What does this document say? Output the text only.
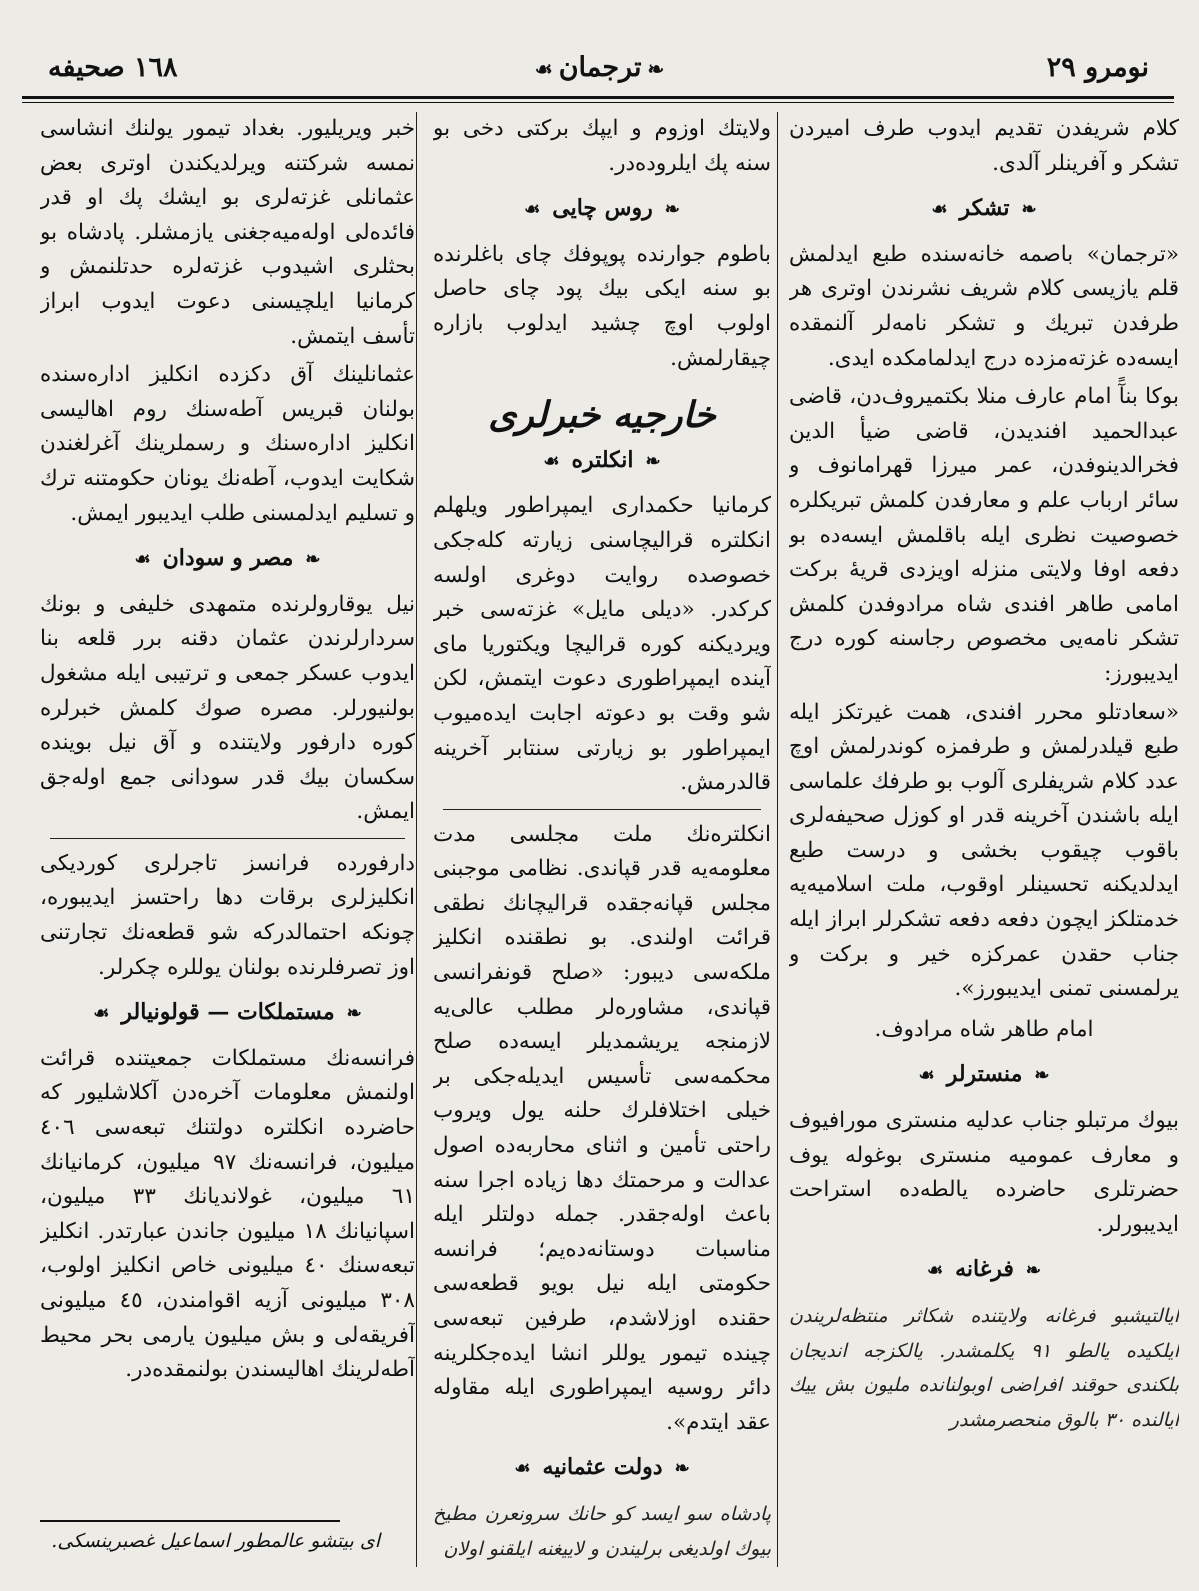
نومرو ٢٩
❧ترجمان☙
١٦٨ صحيفه

کلام شریفدن تقدیم ایدوب طرف امیردن تشکر و آفرینلر آلدی.

❧تشکر☙

«ترجمان» باصمه خانه‌سنده طبع ایدلمش قلم یازیسی کلام شریف نشرندن اوتری هر طرفدن تبریك و تشکر نامه‌لر آلنمقده ایسه‌ده غزته‌مزده درج ایدلمامکده ایدی.

بوکا بنآً امام عارف منلا بکتمیروف‌دن، قاضی عبدالحمید افندیدن، قاضی ضیأ الدین فخرالدینوفدن، عمر میرزا قهرامانوف و سائر ارباب علم و معارفدن کلمش تبریکلره خصوصیت نظری ایله باقلمش ایسه‌ده بو دفعه اوفا ولایتی منزله اویزدی قریهٔ برکت امامی طاهر افندی شاه مرادوفدن کلمش تشکر نامه‌یی مخصوص رجاسنه کوره درج ایدیبورز:

«سعادتلو محرر افندی، همت غیرتکز ایله طبع قیلدرلمش و طرفمزه کوندرلمش اوچ عدد کلام شریفلری آلوب بو طرفك علماسی ایله باشندن آخرینه قدر او کوزل صحیفه‌لری باقوب چیقوب بخشی و درست طبع ایدلدیکنه تحسینلر اوقوب، ملت اسلامیه‌یه خدمتلکز ایچون دفعه دفعه تشکرلر ابراز ایله جناب حقدن عمرکزه خیر و برکت و یرلمسنی تمنی ایدیبورز».

امام طاهر شاه مرادوف.
❧منسترلر☙

بیوك مرتبلو جناب عدلیه منستری مورافیوف و معارف عمومیه منستری بوغوله یوف حضرتلری حاضرده یالطه‌ده استراحت ایدیبورلر.

❧فرغانه☙

ایالتیشبو فرغانه ولایتنده شکاثر منتظه‌لریندن ایلکیده یالطو ۹۱ یکلمشدر. یالکزجه اندیجان بلکندی حوقند افراضی اوبولنانده ملیون بش ییك ایالنده ۳۰ بالوق منحصرمشدر

ولایتك اوزوم و ایپك برکتی دخی بو سنه پك ایلروده‌در.

❧روس چایی☙

باطوم جوارنده پوپوفك چای باغلرنده بو سنه ایکی بیك پود چای حاصل اولوب اوچ چشید ایدلوب بازاره چیقارلمش.

خارجیه خبرلری
❧انکلتره☙

کرمانیا حکمداری ایمپراطور ویلهلم انکلتره قرالیچاسنی زیارته کله‌جکی خصوصده روایت دوغری اولسه کرکدر. «دیلی مایل» غزته‌سی خبر ویردیکنه کوره قرالیچا ویکتوریا مای آینده ایمپراطوری دعوت ایتمش، لکن شو وقت بو دعوته اجابت ایده‌میوب ایمپراطور بو زیارتی سنتابر آخرینه قالدرمش.

انکلتره‌نك ملت مجلسی مدت معلومه‌یه قدر قپاندی. نظامی موجبنی مجلس قپانه‌جقده قرالیچانك نطقی قرائت اولندی. بو نطقنده انکلیز ملکه‌سی دیبور: «صلح قونفرانسی قپاندی، مشاوره‌لر مطلب عالی‌یه لازمنجه یریشمدیلر ایسه‌ده صلح محکمه‌سی تأسیس ایدیله‌جکی بر خیلی اختلافلرك حلنه یول ویروب راحتی تأمین و اثنای محاربه‌ده اصول عدالت و مرحمتك دها زیاده اجرا سنه باعث اوله‌جقدر. جمله دولتلر ایله مناسبات دوستانه‌ده‌یم؛ فرانسه حکومتی ایله نیل بویو قطعه‌سی حقنده اوزلاشدم، طرفین تبعه‌سی چینده تیمور یوللر انشا ایده‌جکلرینه دائر روسیه ایمپراطوری ایله مقاوله عقد ایتدم».

❧دولت عثمانیه☙

پادشاه سو ایسد کو حانك سرونعرن مطیخ بیوك اولدیغی برلیندن و لاییغنه ایلقنو اولان

خبر ویریلیور. بغداد تیمور یولنك انشاسی نمسه شرکتنه ویرلدیکندن اوتری بعض عثمانلی غزته‌لری بو ایشك پك او قدر فائده‌لی اوله‌میه‌جغنی یازمشلر. پادشاه بو بحثلری اشیدوب غزته‌لره حدتلنمش و کرمانیا ایلچیسنی دعوت ایدوب ابراز تأسف ایتمش.

عثمانلینك آق دکزده انکلیز اداره‌سنده بولنان قبریس آطه‌سنك روم اهالیسی انکلیز اداره‌سنك و رسملرینك آغرلغندن شکایت ایدوب، آطه‌نك یونان حکومتنه ترك و تسلیم ایدلمسنی طلب ایدیبور ایمش.

❧مصر و سودان☙

نیل یوقارولرنده متمهدی خلیفی و بونك سردارلرندن عثمان دقنه برر قلعه بنا ایدوب عسکر جمعی و ترتیبی ایله مشغول بولنیورلر. مصره صوك کلمش خبرلره کوره دارفور ولایتنده و آق نیل بوینده سکسان بیك قدر سودانی جمع اوله‌جق ایمش.

دارفورده فرانسز تاجرلری کوردیکی انکلیزلری برقات دها راحتسز ایدیبوره، چونکه احتمالدرکه شو قطعه‌نك تجارتنی اوز تصرفلرنده بولنان یوللره چکرلر.

❧مستملکات — قولونیالر☙

فرانسه‌نك مستملکات جمعیتنده قرائت اولنمش معلومات آخره‌دن آکلاشلیور که حاضرده انکلتره دولتنك تبعه‌سی ٤٠٦ میلیون، فرانسه‌نك ٩٧ میلیون، کرمانیانك ٦١ میلیون، غولاندیانك ٣٣ میلیون، اسپانیانك ١٨ میلیون جاندن عبارتدر. انکلیز تبعه‌سنك ٤٠ میلیونی خاص انکلیز اولوب، ٣٠٨ میلیونی آزیه اقوامندن، ٤٥ میلیونی آفریقه‌لی و بش میلیون یارمی بحر محیط آطه‌لرینك اهالیسندن بولنمقده‌در.

ای بیتشو عالمطور اسماعیل غصبرینسکی.
